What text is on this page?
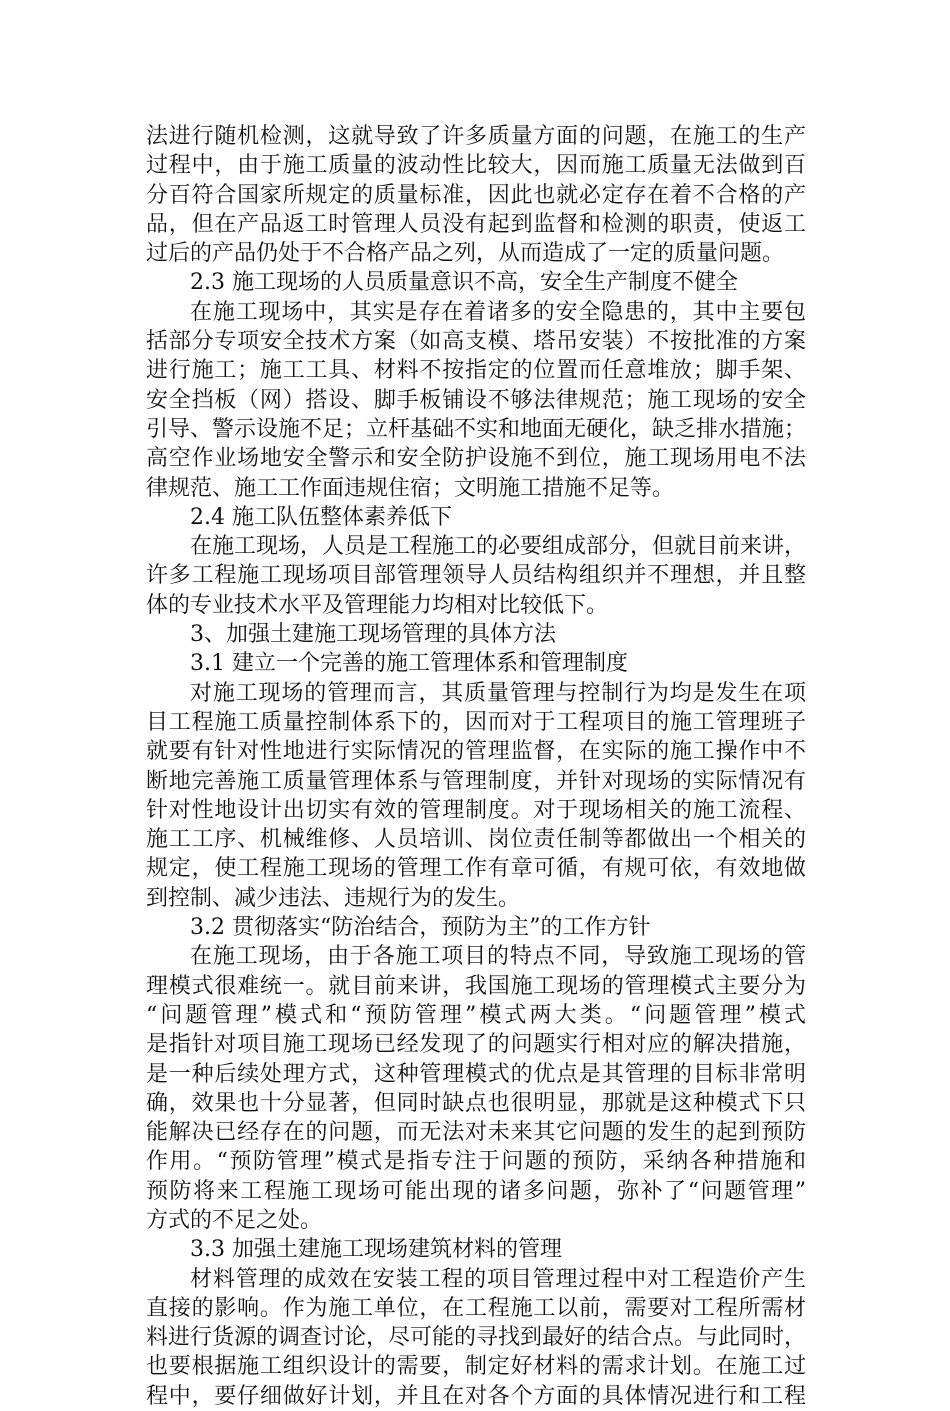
法进行随机检测，这就导致了许多质量方面的问题，在施工的生产
过程中，由于施工质量的波动性比较大，因而施工质量无法做到百
分百符合国家所规定的质量标准，因此也就必定存在着不合格的产
品，但在产品返工时管理人员没有起到监督和检测的职责，使返工
过后的产品仍处于不合格产品之列，从而造成了一定的质量问题。
2.3 施工现场的人员质量意识不高，安全生产制度不健全
在施工现场中，其实是存在着诸多的安全隐患的，其中主要包
括部分专项安全技术方案（如高支模、塔吊安装）不按批准的方案
进行施工；施工工具、材料不按指定的位置而任意堆放；脚手架、
安全挡板（网）搭设、脚手板铺设不够法律规范；施工现场的安全
引导、警示设施不足；立杆基础不实和地面无硬化，缺乏排水措施；
高空作业场地安全警示和安全防护设施不到位，施工现场用电不法
律规范、施工工作面违规住宿；文明施工措施不足等。
2.4 施工队伍整体素养低下
在施工现场，人员是工程施工的必要组成部分，但就目前来讲，
许多工程施工现场项目部管理领导人员结构组织并不理想，并且整
体的专业技术水平及管理能力均相对比较低下。
3、加强土建施工现场管理的具体方法
3.1 建立一个完善的施工管理体系和管理制度
对施工现场的管理而言，其质量管理与控制行为均是发生在项
目工程施工质量控制体系下的，因而对于工程项目的施工管理班子
就要有针对性地进行实际情况的管理监督，在实际的施工操作中不
断地完善施工质量管理体系与管理制度，并针对现场的实际情况有
针对性地设计出切实有效的管理制度。对于现场相关的施工流程、
施工工序、机械维修、人员培训、岗位责任制等都做出一个相关的
规定，使工程施工现场的管理工作有章可循，有规可依，有效地做
到控制、减少违法、违规行为的发生。
3.2 贯彻落实“防治结合，预防为主”的工作方针
在施工现场，由于各施工项目的特点不同，导致施工现场的管
理模式很难统一。就目前来讲，我国施工现场的管理模式主要分为
“问题管理”模式和“预防管理”模式两大类。“问题管理”模式
是指针对项目施工现场已经发现了的问题实行相对应的解决措施，
是一种后续处理方式，这种管理模式的优点是其管理的目标非常明
确，效果也十分显著，但同时缺点也很明显，那就是这种模式下只
能解决已经存在的问题，而无法对未来其它问题的发生的起到预防
作用。“预防管理”模式是指专注于问题的预防，采纳各种措施和
预防将来工程施工现场可能出现的诸多问题，弥补了“问题管理”
方式的不足之处。
3.3 加强土建施工现场建筑材料的管理
材料管理的成效在安装工程的项目管理过程中对工程造价产生
直接的影响。作为施工单位，在工程施工以前，需要对工程所需材
料进行货源的调查讨论，尽可能的寻找到最好的结合点。与此同时，
也要根据施工组织设计的需要，制定好材料的需求计划。在施工过
程中，要仔细做好计划，并且在对各个方面的具体情况进行和工程
